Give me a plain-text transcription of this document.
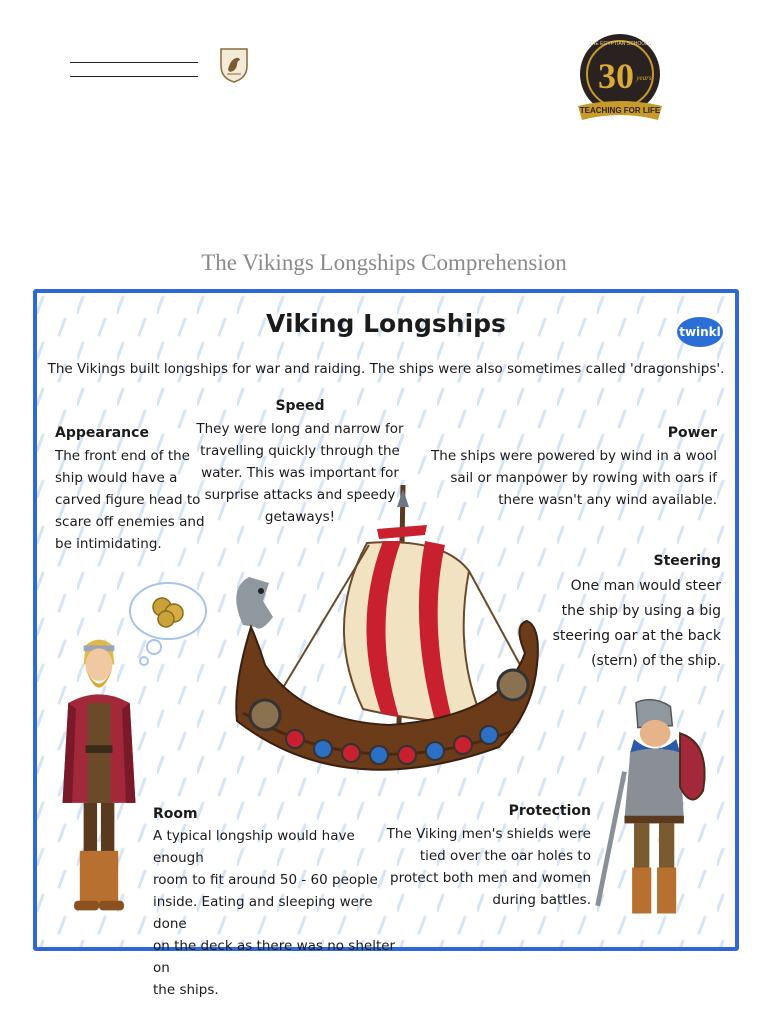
THE EGYPTIAN SCHOOLS
30 years
TEACHING FOR LIFE
The Vikings Longships Comprehension
Viking Longships	twinkl
The Vikings built longships for war and raiding. The ships were also sometimes called 'dragonships'.
Appearance
The front end of the
ship would have a
carved figure head to
scare off enemies and
be intimidating.
Speed
They were long and narrow for
travelling quickly through the
water. This was important for
surprise attacks and speedy
getaways!
Power
The ships were powered by wind in a wool
sail or manpower by rowing with oars if
there wasn't any wind available.
Steering
One man would steer
the ship by using a big
steering oar at the back
(stern) of the ship.
Room
A typical longship would have enough
room to fit around 50 - 60 people
inside. Eating and sleeping were done
on the deck as there was no shelter on
the ships.
Protection
The Viking men's shields were
tied over the oar holes to
protect both men and women
during battles.
